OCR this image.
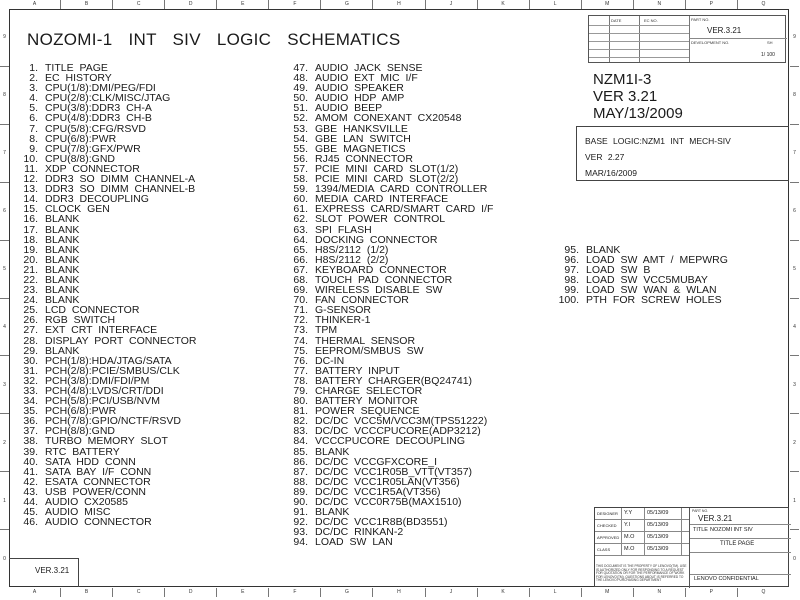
A	B	C	D	E	F	G	H	J	K	L	M	N	P	Q
A	B	C	D	E	F	G	H	J	K	L	M	N	P	Q
9
8
7
6
5
4
3
2
1
0
9
8
7
6
5
4
3
2
1
0
NOZOMI-1 INT SIV LOGIC SCHEMATICS
1. TITLE PAGE
2. EC HISTORY
3. CPU(1/8):DMI/PEG/FDI
4. CPU(2/8):CLK/MISC/JTAG
5. CPU(3/8):DDR3 CH-A
6. CPU(4/8):DDR3 CH-B
7. CPU(5/8):CFG/RSVD
8. CPU(6/8):PWR
9. CPU(7/8):GFX/PWR
10. CPU(8/8):GND
11. XDP CONNECTOR
12. DDR3 SO DIMM CHANNEL-A
13. DDR3 SO DIMM CHANNEL-B
14. DDR3 DECOUPLING
15. CLOCK GEN
16. BLANK
17. BLANK
18. BLANK
19. BLANK
20. BLANK
21. BLANK
22. BLANK
23. BLANK
24. BLANK
25. LCD CONNECTOR
26. RGB SWITCH
27. EXT CRT INTERFACE
28. DISPLAY PORT CONNECTOR
29. BLANK
30. PCH(1/8):HDA/JTAG/SATA
31. PCH(2/8):PCIE/SMBUS/CLK
32. PCH(3/8):DMI/FDI/PM
33. PCH(4/8):LVDS/CRT/DDI
34. PCH(5/8):PCI/USB/NVM
35. PCH(6/8):PWR
36. PCH(7/8):GPIO/NCTF/RSVD
37. PCH(8/8):GND
38. TURBO MEMORY SLOT
39. RTC BATTERY
40. SATA HDD CONN
41. SATA BAY I/F CONN
42. ESATA CONNECTOR
43. USB POWER/CONN
44. AUDIO CX20585
45. AUDIO MISC
46. AUDIO CONNECTOR
47. AUDIO JACK SENSE
48. AUDIO EXT MIC I/F
49. AUDIO SPEAKER
50. AUDIO HDP AMP
51. AUDIO BEEP
52. AMOM CONEXANT CX20548
53. GBE HANKSVILLE
54. GBE LAN SWITCH
55. GBE MAGNETICS
56. RJ45 CONNECTOR
57. PCIE MINI CARD SLOT(1/2)
58. PCIE MINI CARD SLOT(2/2)
59. 1394/MEDIA CARD CONTROLLER
60. MEDIA CARD INTERFACE
61. EXPRESS CARD/SMART CARD I/F
62. SLOT POWER CONTROL
63. SPI FLASH
64. DOCKING CONNECTOR
65. H8S/2112 (1/2)
66. H8S/2112 (2/2)
67. KEYBOARD CONNECTOR
68. TOUCH PAD CONNECTOR
69. WIRELESS DISABLE SW
70. FAN CONNECTOR
71. G-SENSOR
72. THINKER-1
73. TPM
74. THERMAL SENSOR
75. EEPROM/SMBUS SW
76. DC-IN
77. BATTERY INPUT
78. BATTERY CHARGER(BQ24741)
79. CHARGE SELECTOR
80. BATTERY MONITOR
81. POWER SEQUENCE
82. DC/DC VCC5M/VCC3M(TPS51222)
83. DC/DC VCCCPUCORE(ADP3212)
84. VCCCPUCORE DECOUPLING
85. BLANK
86. DC/DC VCCGFXCORE_I
87. DC/DC VCC1R05B_VTT(VT357)
88. DC/DC VCC1R05LAN(VT356)
89. DC/DC VCC1R5A(VT356)
90. DC/DC VCC0R75B(MAX1510)
91. BLANK
92. DC/DC VCC1R8B(BD3551)
93. DC/DC RINKAN-2
94. LOAD SW LAN
95. BLANK
96. LOAD SW AMT / MEPWRG
97. LOAD SW B
98. LOAD SW VCC5MUBAY
99. LOAD SW WAN & WLAN
100. PTH FOR SCREW HOLES
DATE	EC NO.	PART NO.
VER.3.21
DEVELOPMENT NO.	SH
1/ 100
NZM1I-3
VER 3.21
MAY/13/2009
BASE LOGIC:NZM1 INT MECH-SIV
VER 2.27
MAR/16/2009
DESIGNER	Y.Y	05/13/09
CHECKED	Y.I	05/13/09
APPROVED M.O	05/13/09
CLASS	M.O	05/13/09
THIS DOCUMENT IS THE PROPERTY OF LENOVO(TM). USE IS AUTHORIZED ONLY FOR RESPONDING TO A REQUEST FOR QUOTATION OR FOR THE PERFORMANCE OF WORK FOR LENOVO(TM). QUESTIONS ABOUT IS REFERRED TO THE LENOVO PURCHASING DEPARTMENT
PART NO.
VER.3.21
TITLE NOZOMI INT SIV
TITLE PAGE
LENOVO CONFIDENTIAL
VER.3.21
